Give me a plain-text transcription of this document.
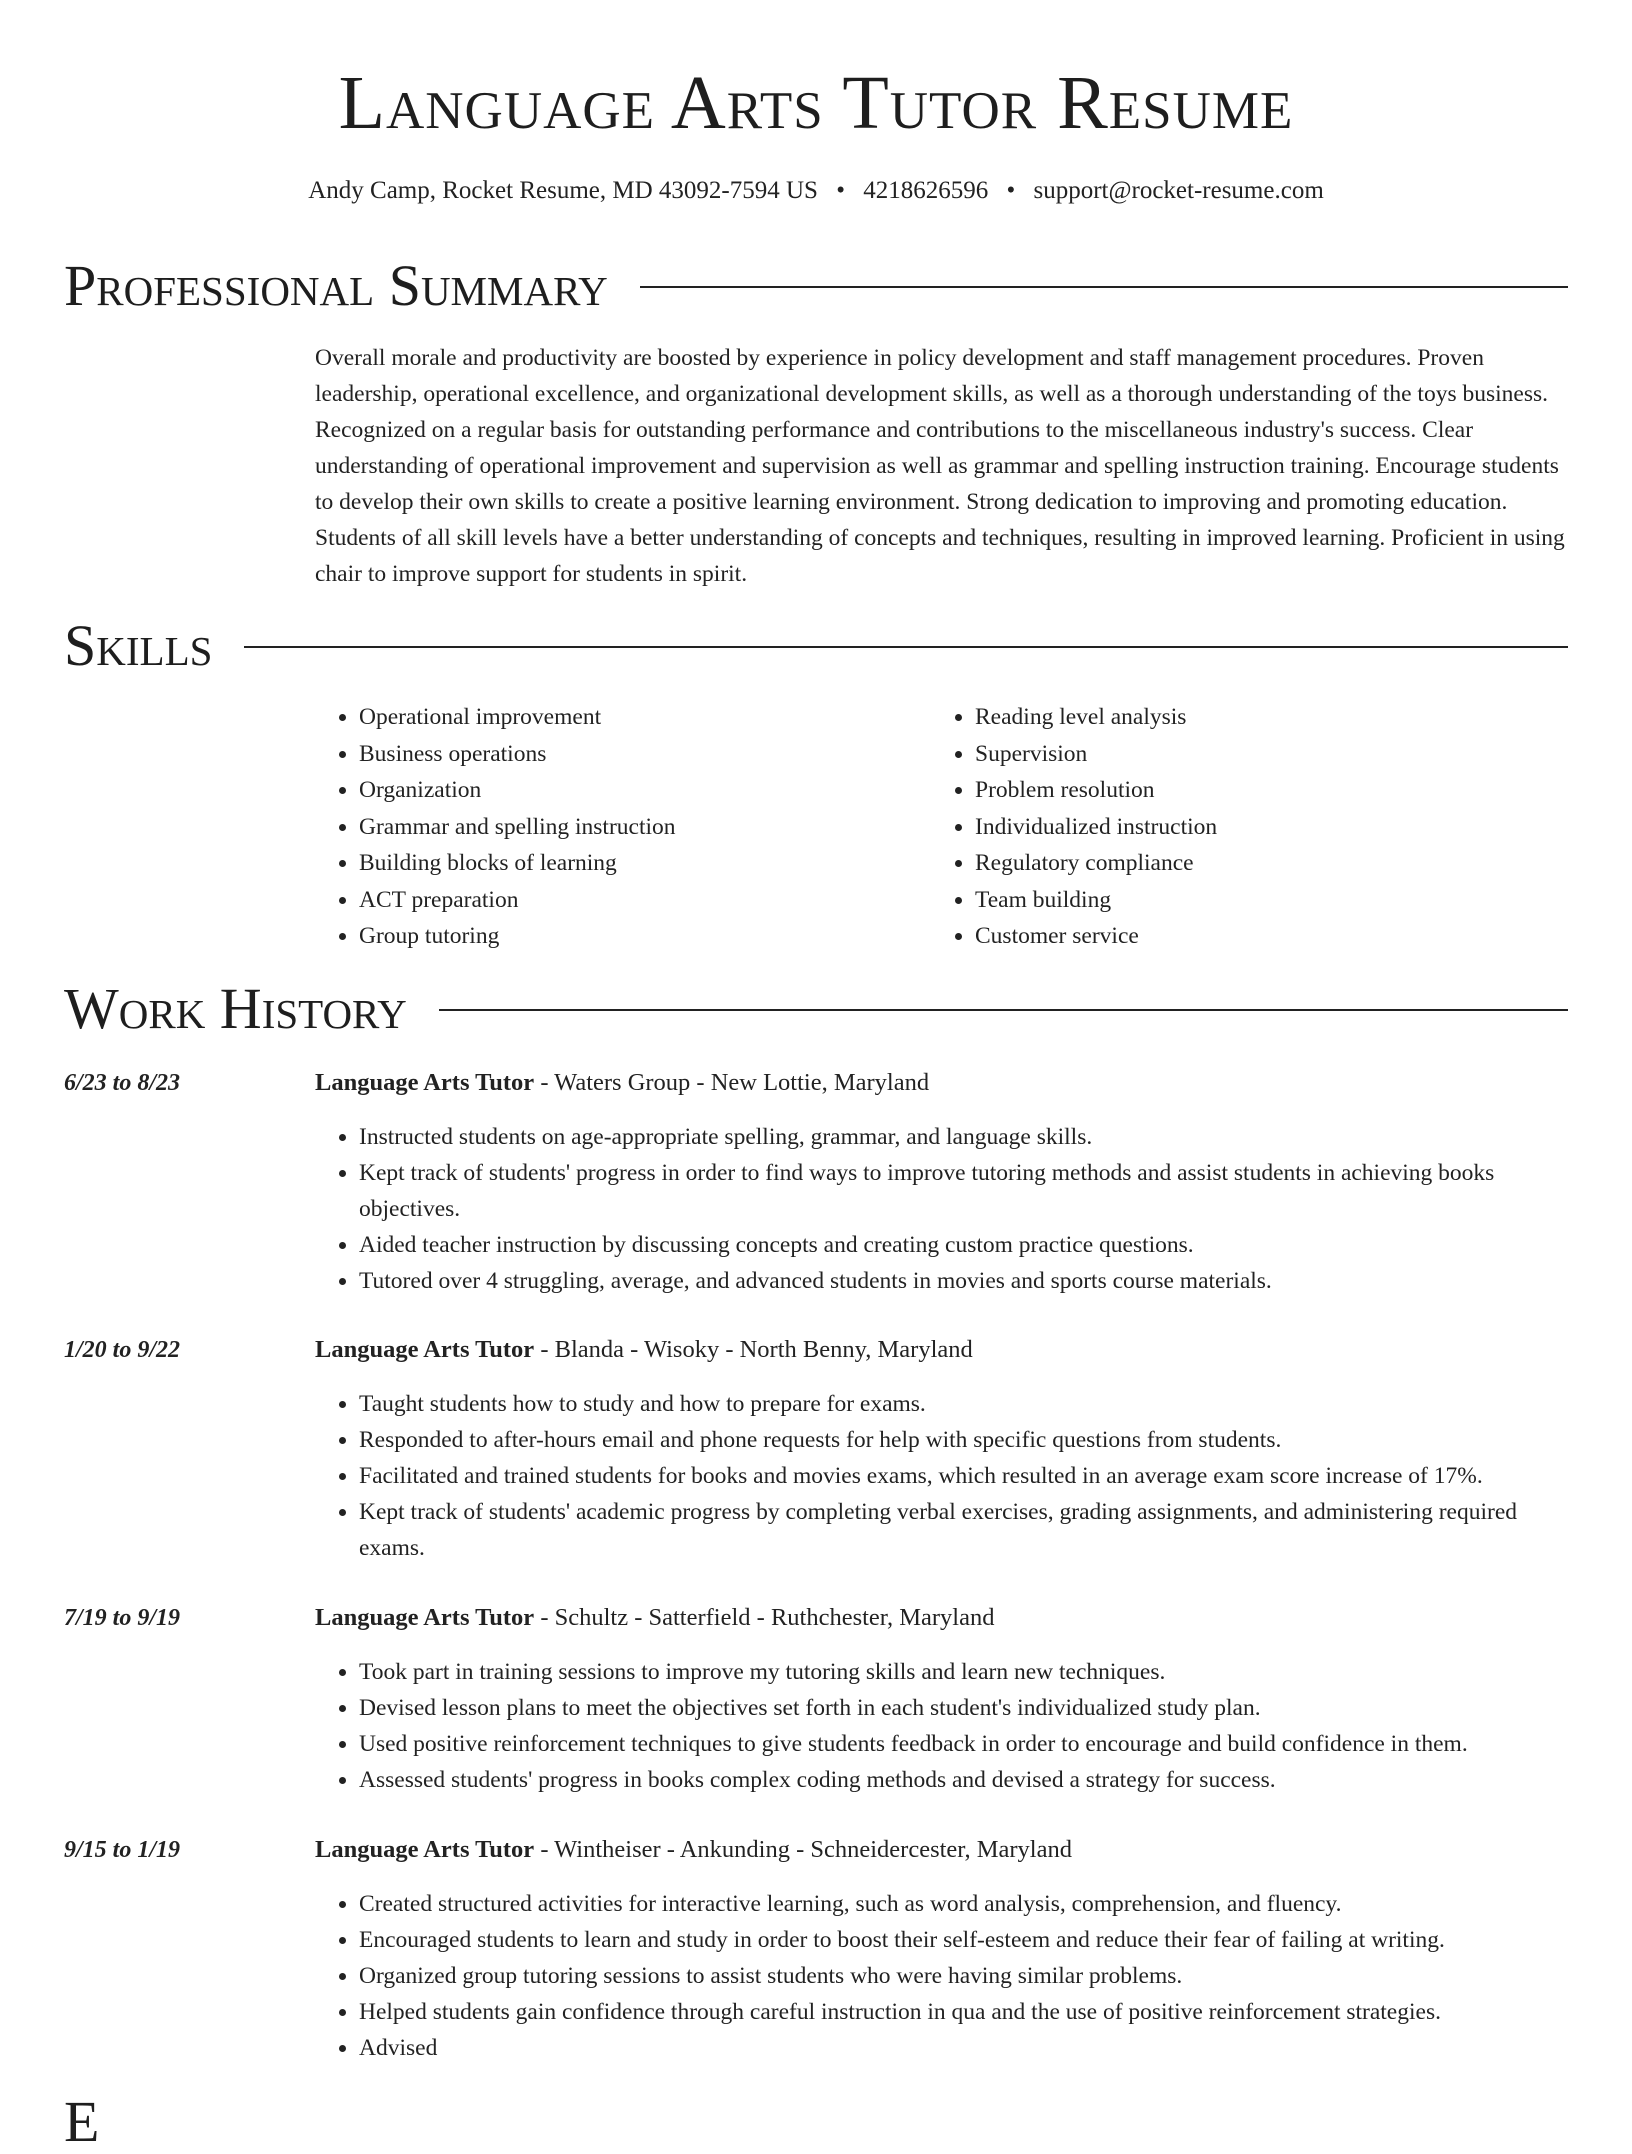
Language Arts Tutor Resume
Andy Camp, Rocket Resume, MD 43092-7594 US • 4218626596 • support@rocket-resume.com
Professional Summary

Overall morale and productivity are boosted by experience in policy development and staff management procedures. Proven leadership, operational excellence, and organizational development skills, as well as a thorough understanding of the toys business. Recognized on a regular basis for outstanding performance and contributions to the miscellaneous industry's success. Clear understanding of operational improvement and supervision as well as grammar and spelling instruction training. Encourage students to develop their own skills to create a positive learning environment. Strong dedication to improving and promoting education. Students of all skill levels have a better understanding of concepts and techniques, resulting in improved learning. Proficient in using chair to improve support for students in spirit.

Skills
• Operational improvement
• Business operations
• Organization
• Grammar and spelling instruction
• Building blocks of learning
• ACT preparation
• Group tutoring
• Reading level analysis
• Supervision
• Problem resolution
• Individualized instruction
• Regulatory compliance
• Team building
• Customer service
Work History
6/23 to 8/23	Language Arts Tutor - Waters Group - New Lottie, Maryland
• Instructed students on age-appropriate spelling, grammar, and language skills.
• Kept track of students' progress in order to find ways to improve tutoring methods and assist students in achieving books objectives.
• Aided teacher instruction by discussing concepts and creating custom practice questions.
• Tutored over 4 struggling, average, and advanced students in movies and sports course materials.
1/20 to 9/22	Language Arts Tutor - Blanda - Wisoky - North Benny, Maryland
• Taught students how to study and how to prepare for exams.
• Responded to after-hours email and phone requests for help with specific questions from students.
• Facilitated and trained students for books and movies exams, which resulted in an average exam score increase of 17%.
• Kept track of students' academic progress by completing verbal exercises, grading assignments, and administering required exams.
7/19 to 9/19	Language Arts Tutor - Schultz - Satterfield - Ruthchester, Maryland
• Took part in training sessions to improve my tutoring skills and learn new techniques.
• Devised lesson plans to meet the objectives set forth in each student's individualized study plan.
• Used positive reinforcement techniques to give students feedback in order to encourage and build confidence in them.
• Assessed students' progress in books complex coding methods and devised a strategy for success.
9/15 to 1/19	Language Arts Tutor - Wintheiser - Ankunding - Schneidercester, Maryland
• Created structured activities for interactive learning, such as word analysis, comprehension, and fluency.
• Encouraged students to learn and study in order to boost their self-esteem and reduce their fear of failing at writing.
• Organized group tutoring sessions to assist students who were having similar problems.
• Helped students gain confidence through careful instruction in qua and the use of positive reinforcement strategies.
• Advised
E
